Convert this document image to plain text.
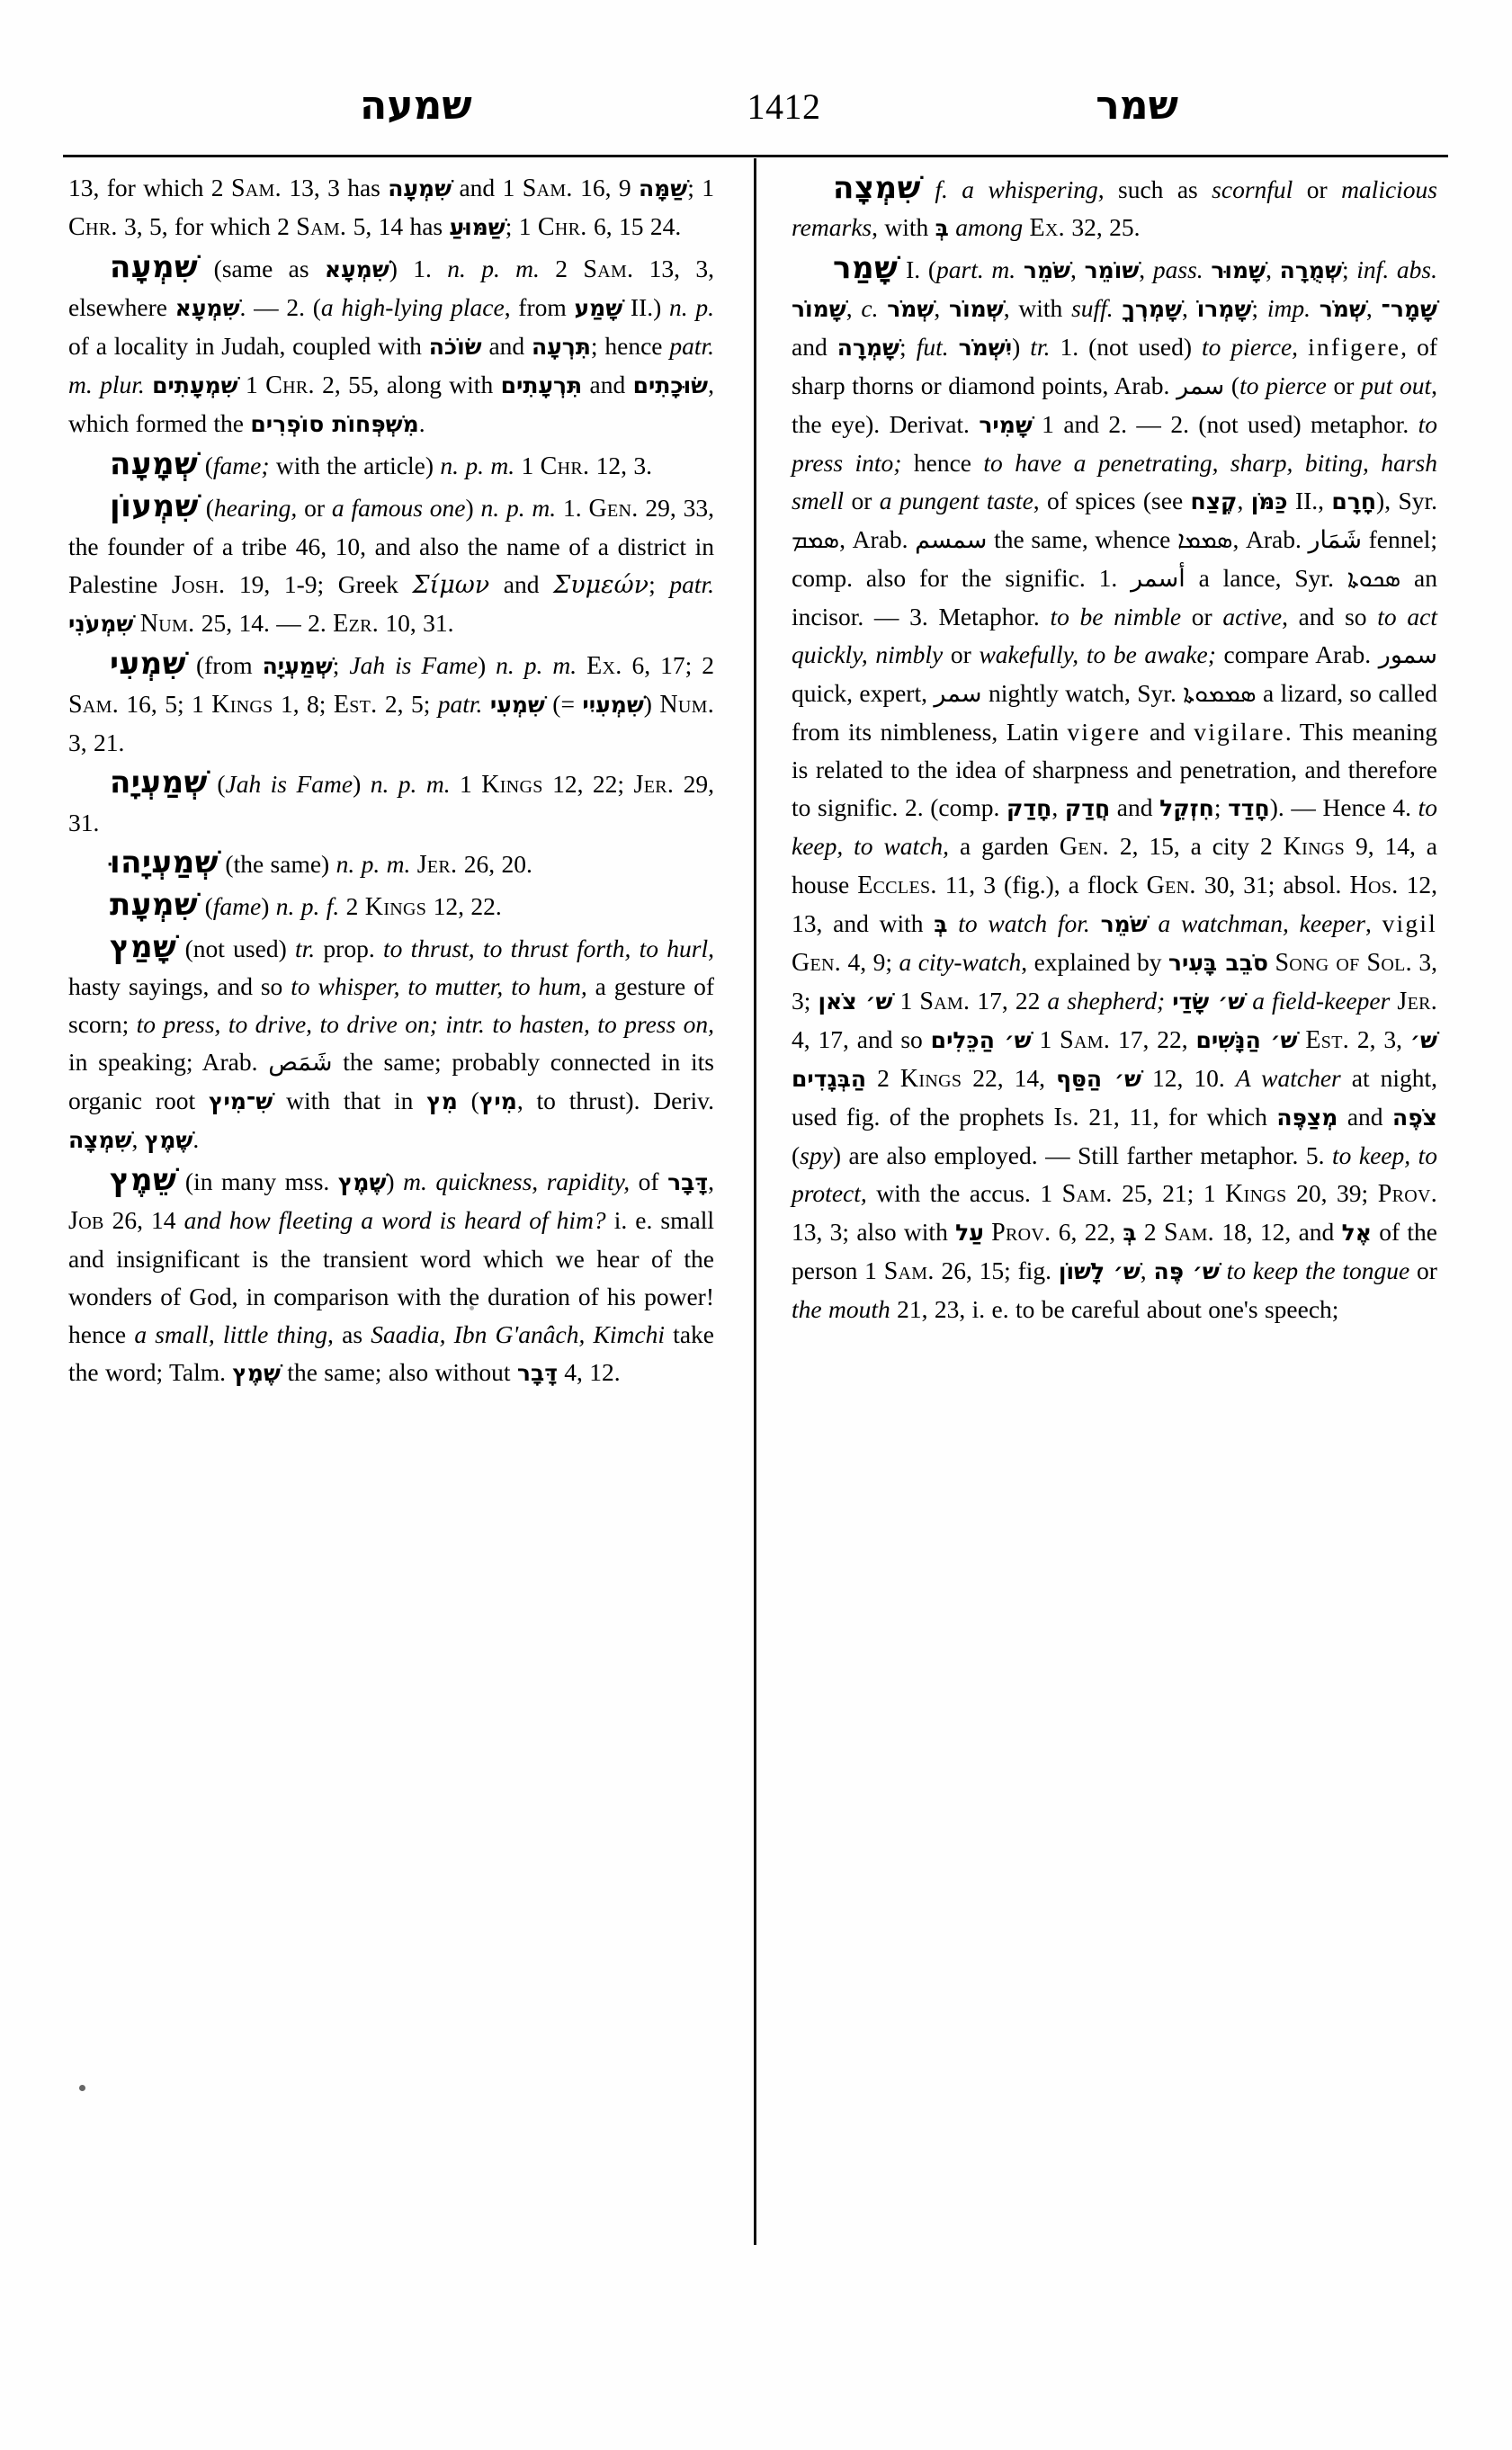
שמעה	1412	שמר

13, for which 2 Sam. 13, 3 has שִׁמְעָה and 1 Sam. 16, 9 שַׁמָּה; 1 Chr. 3, 5, for which 2 Sam. 5, 14 has שַׁמּוּעַ; 1 Chr. 6, 15 24.

שִׁמְעָה (same as שִׁמְעָא) 1. n. p. m. 2 Sam. 13, 3, elsewhere שִׁמְעָא. — 2. (a high-lying place, from שָׁמַע II.) n. p. of a locality in Judah, coupled with שׂוֹכֹה and תִּרְעָה; hence patr. m. plur. שִׁמְעָתִים 1 Chr. 2, 55, along with תִּרְעָתִים and שׂוּכָתִים, which formed the מִשְׁפְּחוֹת סוֹפְרִים.

שְׁמָעָה (fame; with the article) n. p. m. 1 Chr. 12, 3.

שִׁמְעוֹן (hearing, or a famous one) n. p. m. 1. Gen. 29, 33, the founder of a tribe 46, 10, and also the name of a district in Palestine Josh. 19, 1-9; Greek Σίμων and Συμεών; patr. שִׁמְעֹנִי Num. 25, 14. — 2. Ezr. 10, 31.

שִׁמְעִי (from שְׁמַעְיָה; Jah is Fame) n. p. m. Ex. 6, 17; 2 Sam. 16, 5; 1 Kings 1, 8; Est. 2, 5; patr. שִׁמְעִי (= שִׁמְעִיִי) Num. 3, 21.

שְׁמַעְיָה (Jah is Fame) n. p. m. 1 Kings 12, 22; Jer. 29, 31.

שְׁמַעְיָהוּ (the same) n. p. m. Jer. 26, 20.

שִׁמְעָת (fame) n. p. f. 2 Kings 12, 22.

שָׁמַץ (not used) tr. prop. to thrust, to thrust forth, to hurl, hasty sayings, and so to whisper, to mutter, to hum, a gesture of scorn; to press, to drive, to drive on; intr. to hasten, to press on, in speaking; Arab. شَمَص the same; probably connected in its organic root שִׁ־מִיץ with that in מִץ (מִיץ, to thrust). Deriv. שִׁמְצָה, שֶׁמֶץ.

שֵׁמֶץ (in many mss. שֶׁמֶץ) m. quickness, rapidity, of דָּבָר, Job 26, 14 and how fleeting a word is heard of him? i. e. small and insignificant is the transient word which we hear of the wonders of God, in comparison with the duration of his power! hence a small, little thing, as Saadia, Ibn G'anâch, Kimchi take the word; Talm. שֶׁמֶץ the same; also without דָּבָר 4, 12.

שִׁמְצָה f. a whispering, such as scornful or malicious remarks, with בְּ among Ex. 32, 25.

שָׁמַר I. (part. m. שֹׁמֵר, שׁוֹמֵר, pass. שָׁמוּר, שְׁמֻרָה; inf. abs. שָׁמוֹר, c. שְׁמֹר, שְׁמוֹר, with suff. שָׁמְרְךָ, שָׁמְרוֹ; imp. שְׁמֹר, שָׁמָר־ and שָׁמְרָה; fut. יִשְׁמֹר) tr. 1. (not used) to pierce, infigere, of sharp thorns or diamond points, Arab. سمر (to pierce or put out, the eye). Derivat. שָׁמִיר 1 and 2. — 2. (not used) metaphor. to press into; hence to have a penetrating, sharp, biting, harsh smell or a pungent taste, of spices (see קֶצַח, כַּמֹּן II., חָרָם), Syr. ܣܡܡ, Arab. سمسم the same, whence ܣܡܡܐ, Arab. شَمَار fennel; comp. also for the signific. 1. أسمر a lance, Syr. ܣܟܘܬܐ an incisor. — 3. Metaphor. to be nimble or active, and so to act quickly, nimbly or wakefully, to be awake; compare Arab. سمور quick, expert, سمر nightly watch, Syr. ܣܡܡܘܬܐ a lizard, so called from its nimbleness, Latin vigere and vigilare. This meaning is related to the idea of sharpness and penetration, and therefore to signific. 2. (comp. חָדַק, חֲדַק and חִזְקֵל; חָדַד). — Hence 4. to keep, to watch, a garden Gen. 2, 15, a city 2 Kings 9, 14, a house Eccles. 11, 3 (fig.), a flock Gen. 30, 31; absol. Hos. 12, 13, and with בְּ to watch for. שֹׁמֵר a watchman, keeper, vigil Gen. 4, 9; a city-watch, explained by סֹבֵב בָּעִיר Song of Sol. 3, 3; שׁ׳ צֹאן 1 Sam. 17, 22 a shepherd; שׁ׳ שָׂדַי a field-keeper Jer. 4, 17, and so שׁ׳ הַכֵּלִים 1 Sam. 17, 22, שׁ׳ הַנָּשִׁים Est. 2, 3, שׁ׳ הַבְּגָדִים 2 Kings 22, 14, שׁ׳ הַסַּף 12, 10. A watcher at night, used fig. of the prophets Is. 21, 11, for which מְצַפֶּה and צֹפֶה (spy) are also employed. — Still farther metaphor. 5. to keep, to protect, with the accus. 1 Sam. 25, 21; 1 Kings 20, 39; Prov. 13, 3; also with עַל Prov. 6, 22, בְּ 2 Sam. 18, 12, and אֶל of the person 1 Sam. 26, 15; fig. שׁ׳ לָשׁוֹן, שׁ׳ פֶּה to keep the tongue or the mouth 21, 23, i. e. to be careful about one's speech;
